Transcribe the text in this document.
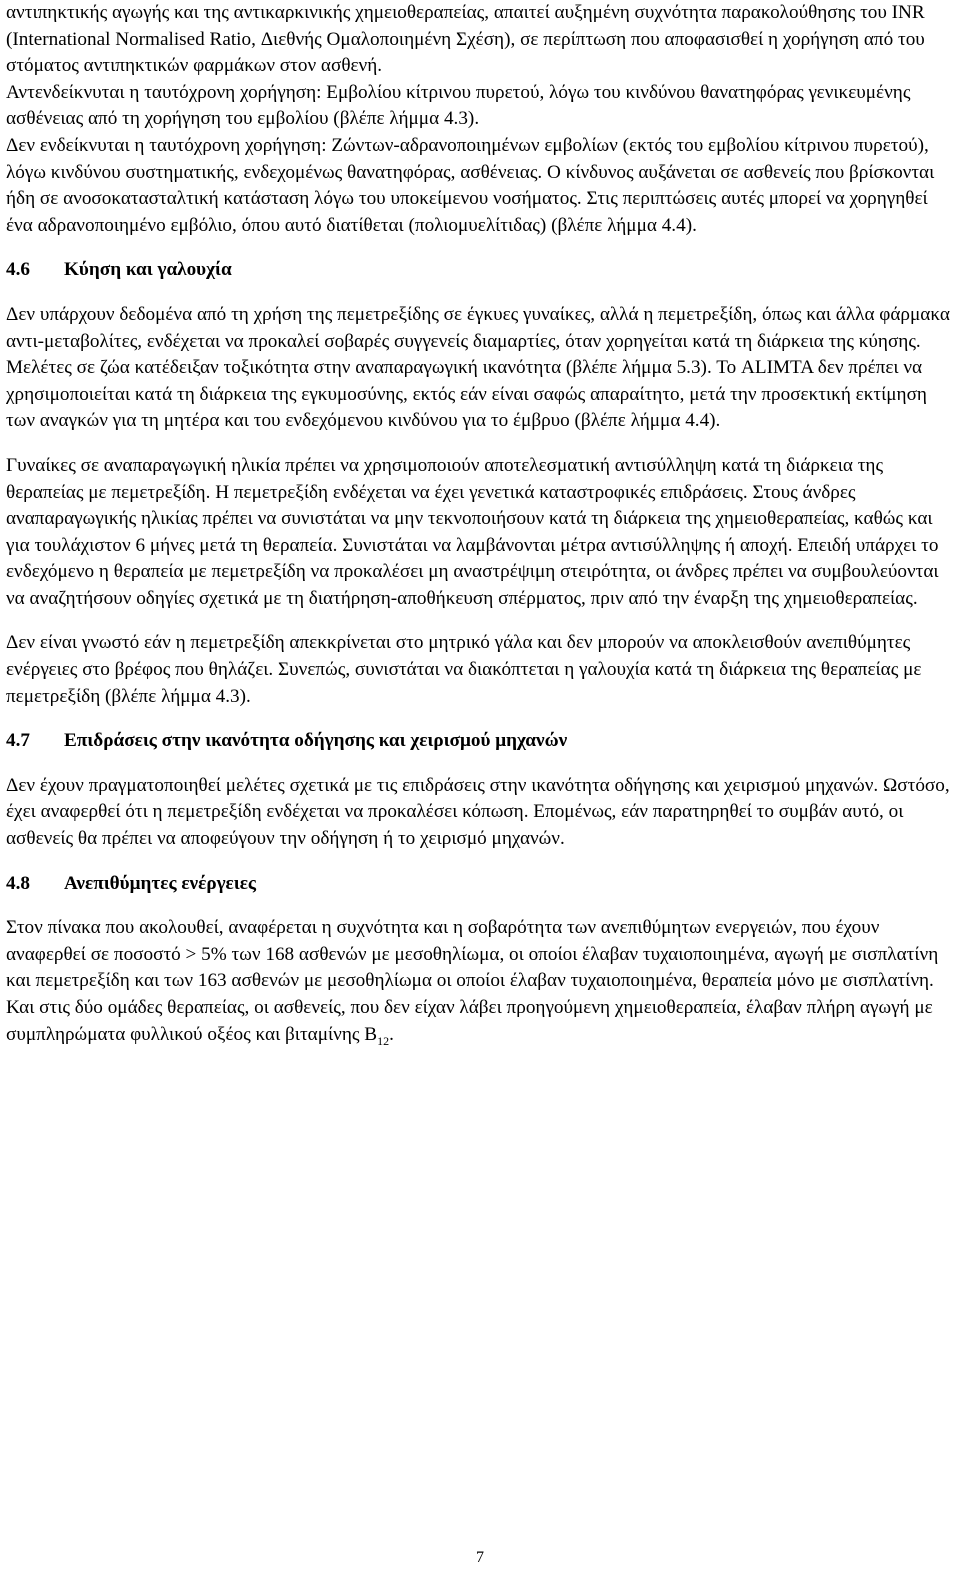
αντιπηκτικής αγωγής και της αντικαρκινικής χημειοθεραπείας, απαιτεί αυξημένη συχνότητα παρακολούθησης του INR (International Normalised Ratio, Διεθνής Ομαλοποιημένη Σχέση), σε περίπτωση που αποφασισθεί η χορήγηση από του στόματος αντιπηκτικών φαρμάκων στον ασθενή.

Αντενδείκνυται η ταυτόχρονη χορήγηση: Εμβολίου κίτρινου πυρετού, λόγω του κινδύνου θανατηφόρας γενικευμένης ασθένειας από τη χορήγηση του εμβολίου (βλέπε λήμμα 4.3).

Δεν ενδείκνυται η ταυτόχρονη χορήγηση: Ζώντων-αδρανοποιημένων εμβολίων (εκτός του εμβολίου κίτρινου πυρετού), λόγω κινδύνου συστηματικής, ενδεχομένως θανατηφόρας, ασθένειας. Ο κίνδυνος αυξάνεται σε ασθενείς που βρίσκονται ήδη σε ανοσοκατασταλτική κατάσταση λόγω του υποκείμενου νοσήματος. Στις περιπτώσεις αυτές μπορεί να χορηγηθεί ένα αδρανοποιημένο εμβόλιο, όπου αυτό διατίθεται (πολιομυελίτιδας) (βλέπε λήμμα 4.4).

4.6	Κύηση και γαλουχία

Δεν υπάρχουν δεδομένα από τη χρήση της πεμετρεξίδης σε έγκυες γυναίκες, αλλά η πεμετρεξίδη, όπως και άλλα φάρμακα αντι-μεταβολίτες, ενδέχεται να προκαλεί σοβαρές συγγενείς διαμαρτίες, όταν χορηγείται κατά τη διάρκεια της κύησης. Μελέτες σε ζώα κατέδειξαν τοξικότητα στην αναπαραγωγική ικανότητα (βλέπε λήμμα 5.3). Το ALIMTA δεν πρέπει να χρησιμοποιείται κατά τη διάρκεια της εγκυμοσύνης, εκτός εάν είναι σαφώς απαραίτητο, μετά την προσεκτική εκτίμηση των αναγκών για τη μητέρα και του ενδεχόμενου κινδύνου για το έμβρυο (βλέπε λήμμα 4.4).

Γυναίκες σε αναπαραγωγική ηλικία πρέπει να χρησιμοποιούν αποτελεσματική αντισύλληψη κατά τη διάρκεια της θεραπείας με πεμετρεξίδη. Η πεμετρεξίδη ενδέχεται να έχει γενετικά καταστροφικές επιδράσεις. Στους άνδρες αναπαραγωγικής ηλικίας πρέπει να συνιστάται να μην τεκνοποιήσουν κατά τη διάρκεια της χημειοθεραπείας, καθώς και για τουλάχιστον 6 μήνες μετά τη θεραπεία. Συνιστάται να λαμβάνονται μέτρα αντισύλληψης ή αποχή. Επειδή υπάρχει το ενδεχόμενο η θεραπεία με πεμετρεξίδη να προκαλέσει μη αναστρέψιμη στειρότητα, οι άνδρες πρέπει να συμβουλεύονται να αναζητήσουν οδηγίες σχετικά με τη διατήρηση-αποθήκευση σπέρματος, πριν από την έναρξη της χημειοθεραπείας.

Δεν είναι γνωστό εάν η πεμετρεξίδη απεκκρίνεται στο μητρικό γάλα και δεν μπορούν να αποκλεισθούν ανεπιθύμητες ενέργειες στο βρέφος που θηλάζει. Συνεπώς, συνιστάται να διακόπτεται η γαλουχία κατά τη διάρκεια της θεραπείας με πεμετρεξίδη (βλέπε λήμμα 4.3).

4.7	Επιδράσεις στην ικανότητα οδήγησης και χειρισμού μηχανών

Δεν έχουν πραγματοποιηθεί μελέτες σχετικά με τις επιδράσεις στην ικανότητα οδήγησης και χειρισμού μηχανών. Ωστόσο, έχει αναφερθεί ότι η πεμετρεξίδη ενδέχεται να προκαλέσει κόπωση. Επομένως, εάν παρατηρηθεί το συμβάν αυτό, οι ασθενείς θα πρέπει να αποφεύγουν την οδήγηση ή το χειρισμό μηχανών.

4.8	Ανεπιθύμητες ενέργειες

Στον πίνακα που ακολουθεί, αναφέρεται η συχνότητα και η σοβαρότητα των ανεπιθύμητων ενεργειών, που έχουν αναφερθεί σε ποσοστό > 5% των 168 ασθενών με μεσοθηλίωμα, οι οποίοι έλαβαν τυχαιοποιημένα, αγωγή με σισπλατίνη και πεμετρεξίδη και των 163 ασθενών με μεσοθηλίωμα οι οποίοι έλαβαν τυχαιοποιημένα, θεραπεία μόνο με σισπλατίνη. Και στις δύο ομάδες θεραπείας, οι ασθενείς, που δεν είχαν λάβει προηγούμενη χημειοθεραπεία, έλαβαν πλήρη αγωγή με συμπληρώματα φυλλικού οξέος και βιταμίνης $B_{12}$.

7
